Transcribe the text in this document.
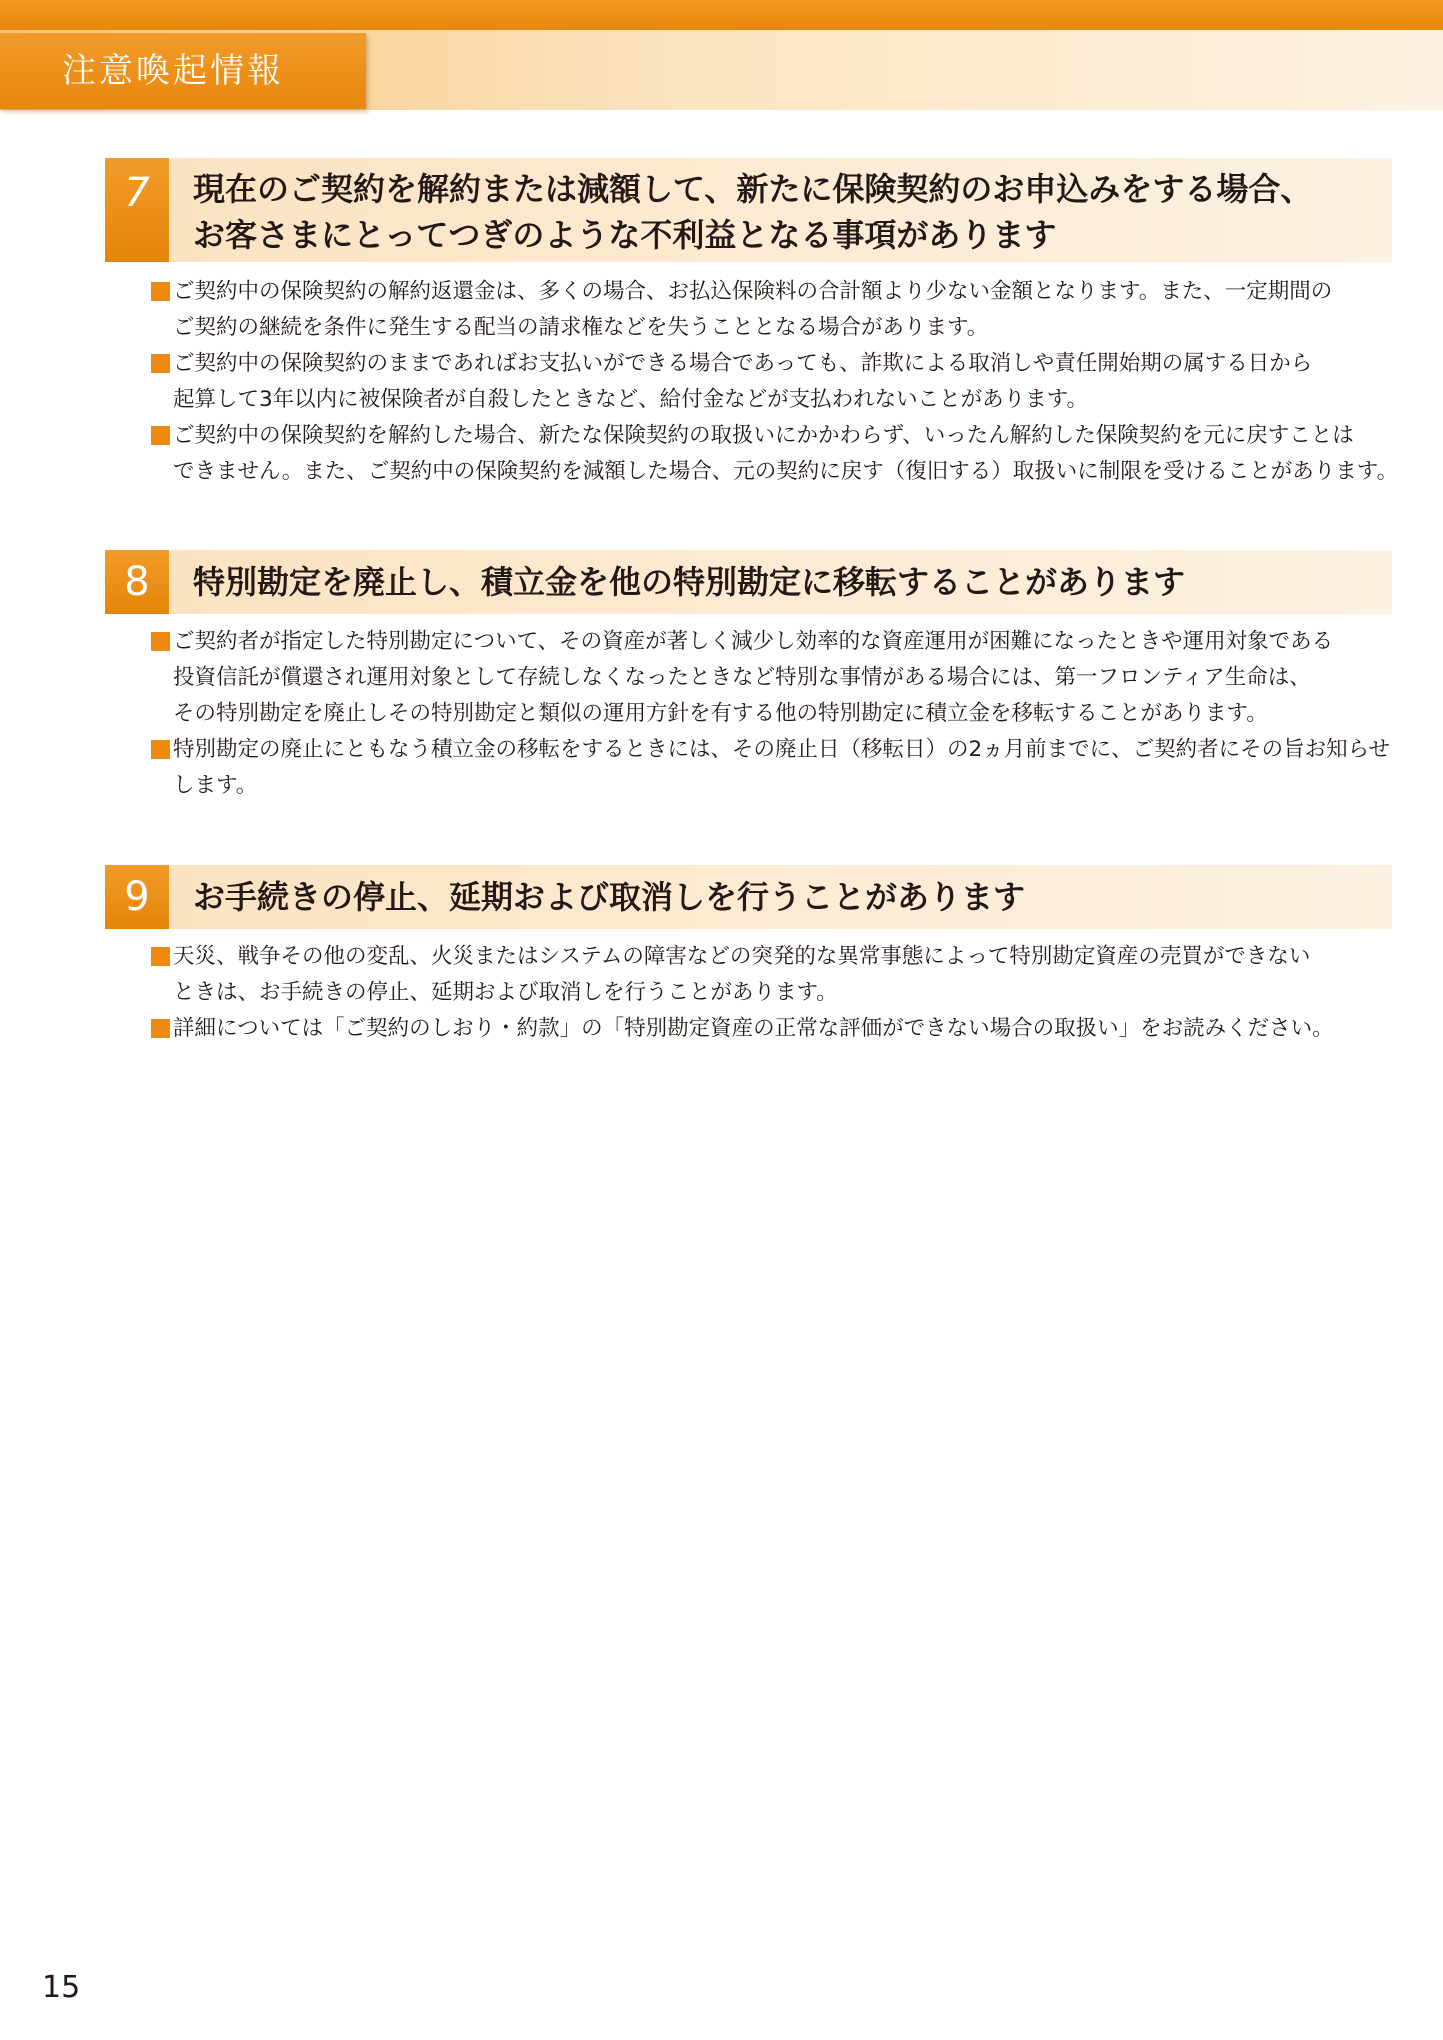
注意喚起情報
7	現在のご契約を解約または減額して、新たに保険契約のお申込みをする場合、
お客さまにとってつぎのような不利益となる事項があります
ご契約中の保険契約の解約返還金は、多くの場合、お払込保険料の合計額より少ない金額となります。また、一定期間の
ご契約の継続を条件に発生する配当の請求権などを失うこととなる場合があります。
ご契約中の保険契約のままであればお支払いができる場合であっても、詐欺による取消しや責任開始期の属する日から
起算して3年以内に被保険者が自殺したときなど、給付金などが支払われないことがあります。
ご契約中の保険契約を解約した場合、新たな保険契約の取扱いにかかわらず、いったん解約した保険契約を元に戻すことは
できません。また、ご契約中の保険契約を減額した場合、元の契約に戻す（復旧する）取扱いに制限を受けることがあります。
8	特別勘定を廃止し、積立金を他の特別勘定に移転することがあります
ご契約者が指定した特別勘定について、その資産が著しく減少し効率的な資産運用が困難になったときや運用対象である
投資信託が償還され運用対象として存続しなくなったときなど特別な事情がある場合には、第一フロンティア生命は、
その特別勘定を廃止しその特別勘定と類似の運用方針を有する他の特別勘定に積立金を移転することがあります。
特別勘定の廃止にともなう積立金の移転をするときには、その廃止日（移転日）の2ヵ月前までに、ご契約者にその旨お知らせ
します。
9	お手続きの停止、延期および取消しを行うことがあります
天災、戦争その他の変乱、火災またはシステムの障害などの突発的な異常事態によって特別勘定資産の売買ができない
ときは、お手続きの停止、延期および取消しを行うことがあります。
詳細については「ご契約のしおり・約款」の「特別勘定資産の正常な評価ができない場合の取扱い」をお読みください。
15
